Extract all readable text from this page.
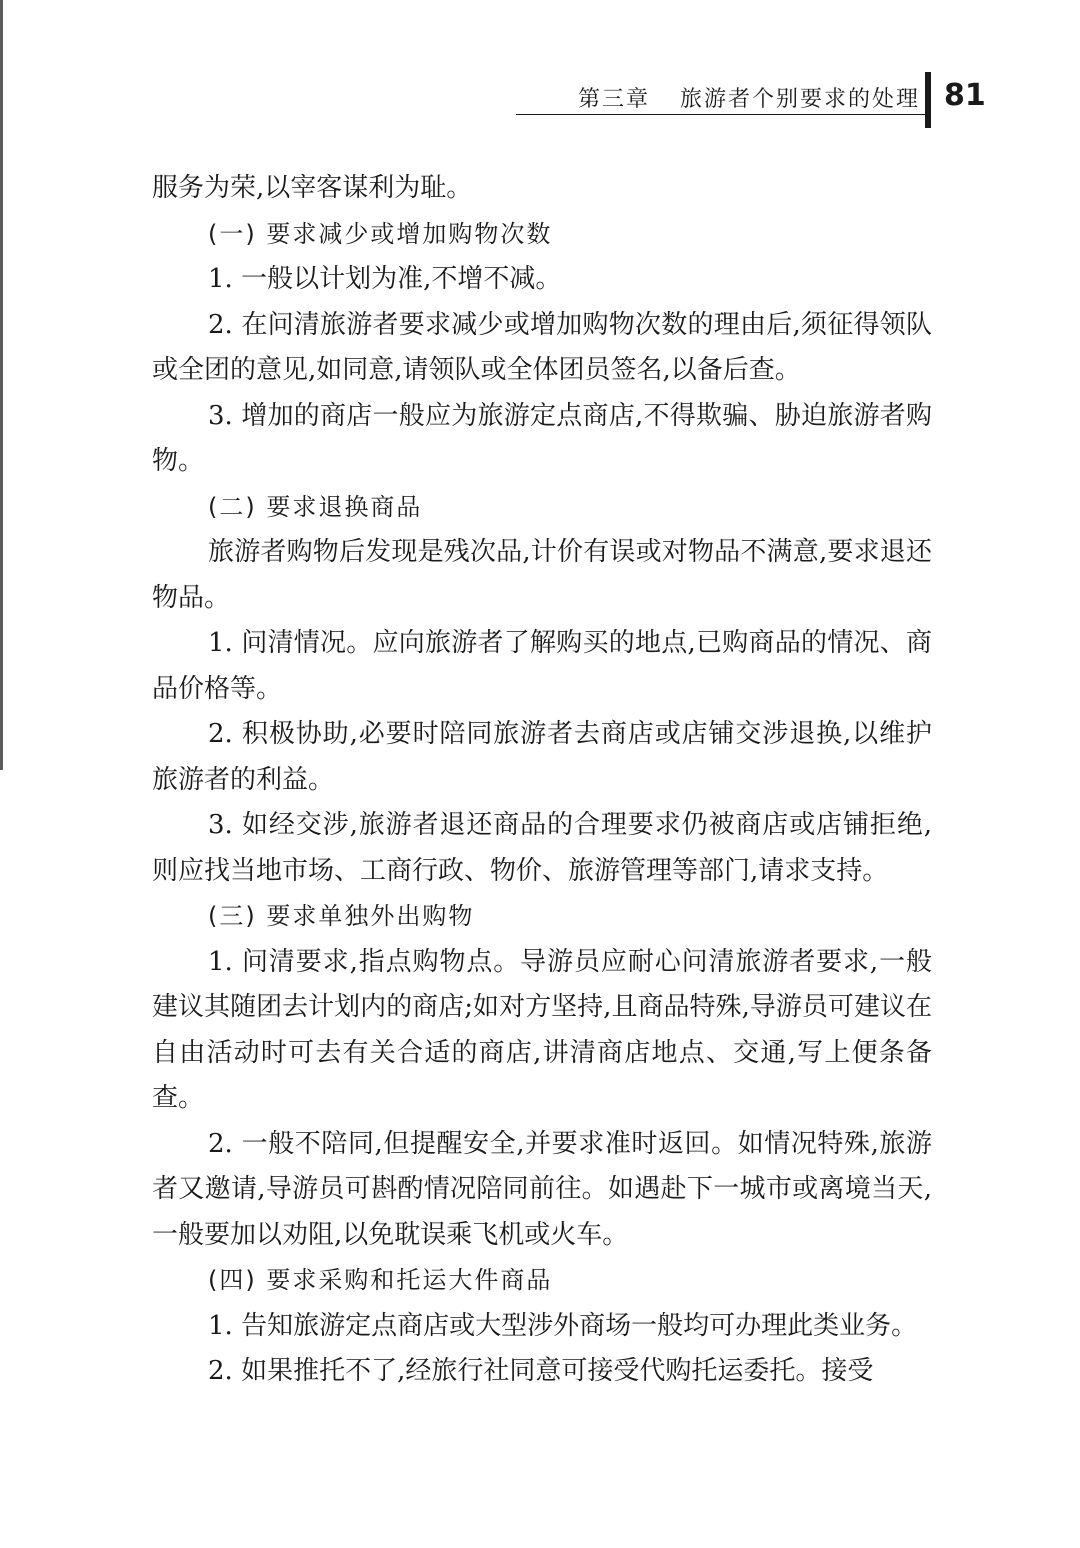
第三章 旅游者个别要求的处理 81

服务为荣,以宰客谋利为耻。

(一) 要求减少或增加购物次数

1. 一般以计划为准,不增不减。

2. 在问清旅游者要求减少或增加购物次数的理由后,须征得领队或全团的意见,如同意,请领队或全体团员签名,以备后查。

3. 增加的商店一般应为旅游定点商店,不得欺骗、胁迫旅游者购物。

(二) 要求退换商品

旅游者购物后发现是残次品,计价有误或对物品不满意,要求退还物品。

1. 问清情况。应向旅游者了解购买的地点,已购商品的情况、商品价格等。

2. 积极协助,必要时陪同旅游者去商店或店铺交涉退换,以维护旅游者的利益。

3. 如经交涉,旅游者退还商品的合理要求仍被商店或店铺拒绝,则应找当地市场、工商行政、物价、旅游管理等部门,请求支持。

(三) 要求单独外出购物

1. 问清要求,指点购物点。导游员应耐心问清旅游者要求,一般建议其随团去计划内的商店;如对方坚持,且商品特殊,导游员可建议在自由活动时可去有关合适的商店,讲清商店地点、交通,写上便条备查。

2. 一般不陪同,但提醒安全,并要求准时返回。如情况特殊,旅游者又邀请,导游员可斟酌情况陪同前往。如遇赴下一城市或离境当天,一般要加以劝阻,以免耽误乘飞机或火车。

(四) 要求采购和托运大件商品

1. 告知旅游定点商店或大型涉外商场一般均可办理此类业务。

2. 如果推托不了,经旅行社同意可接受代购托运委托。接受
